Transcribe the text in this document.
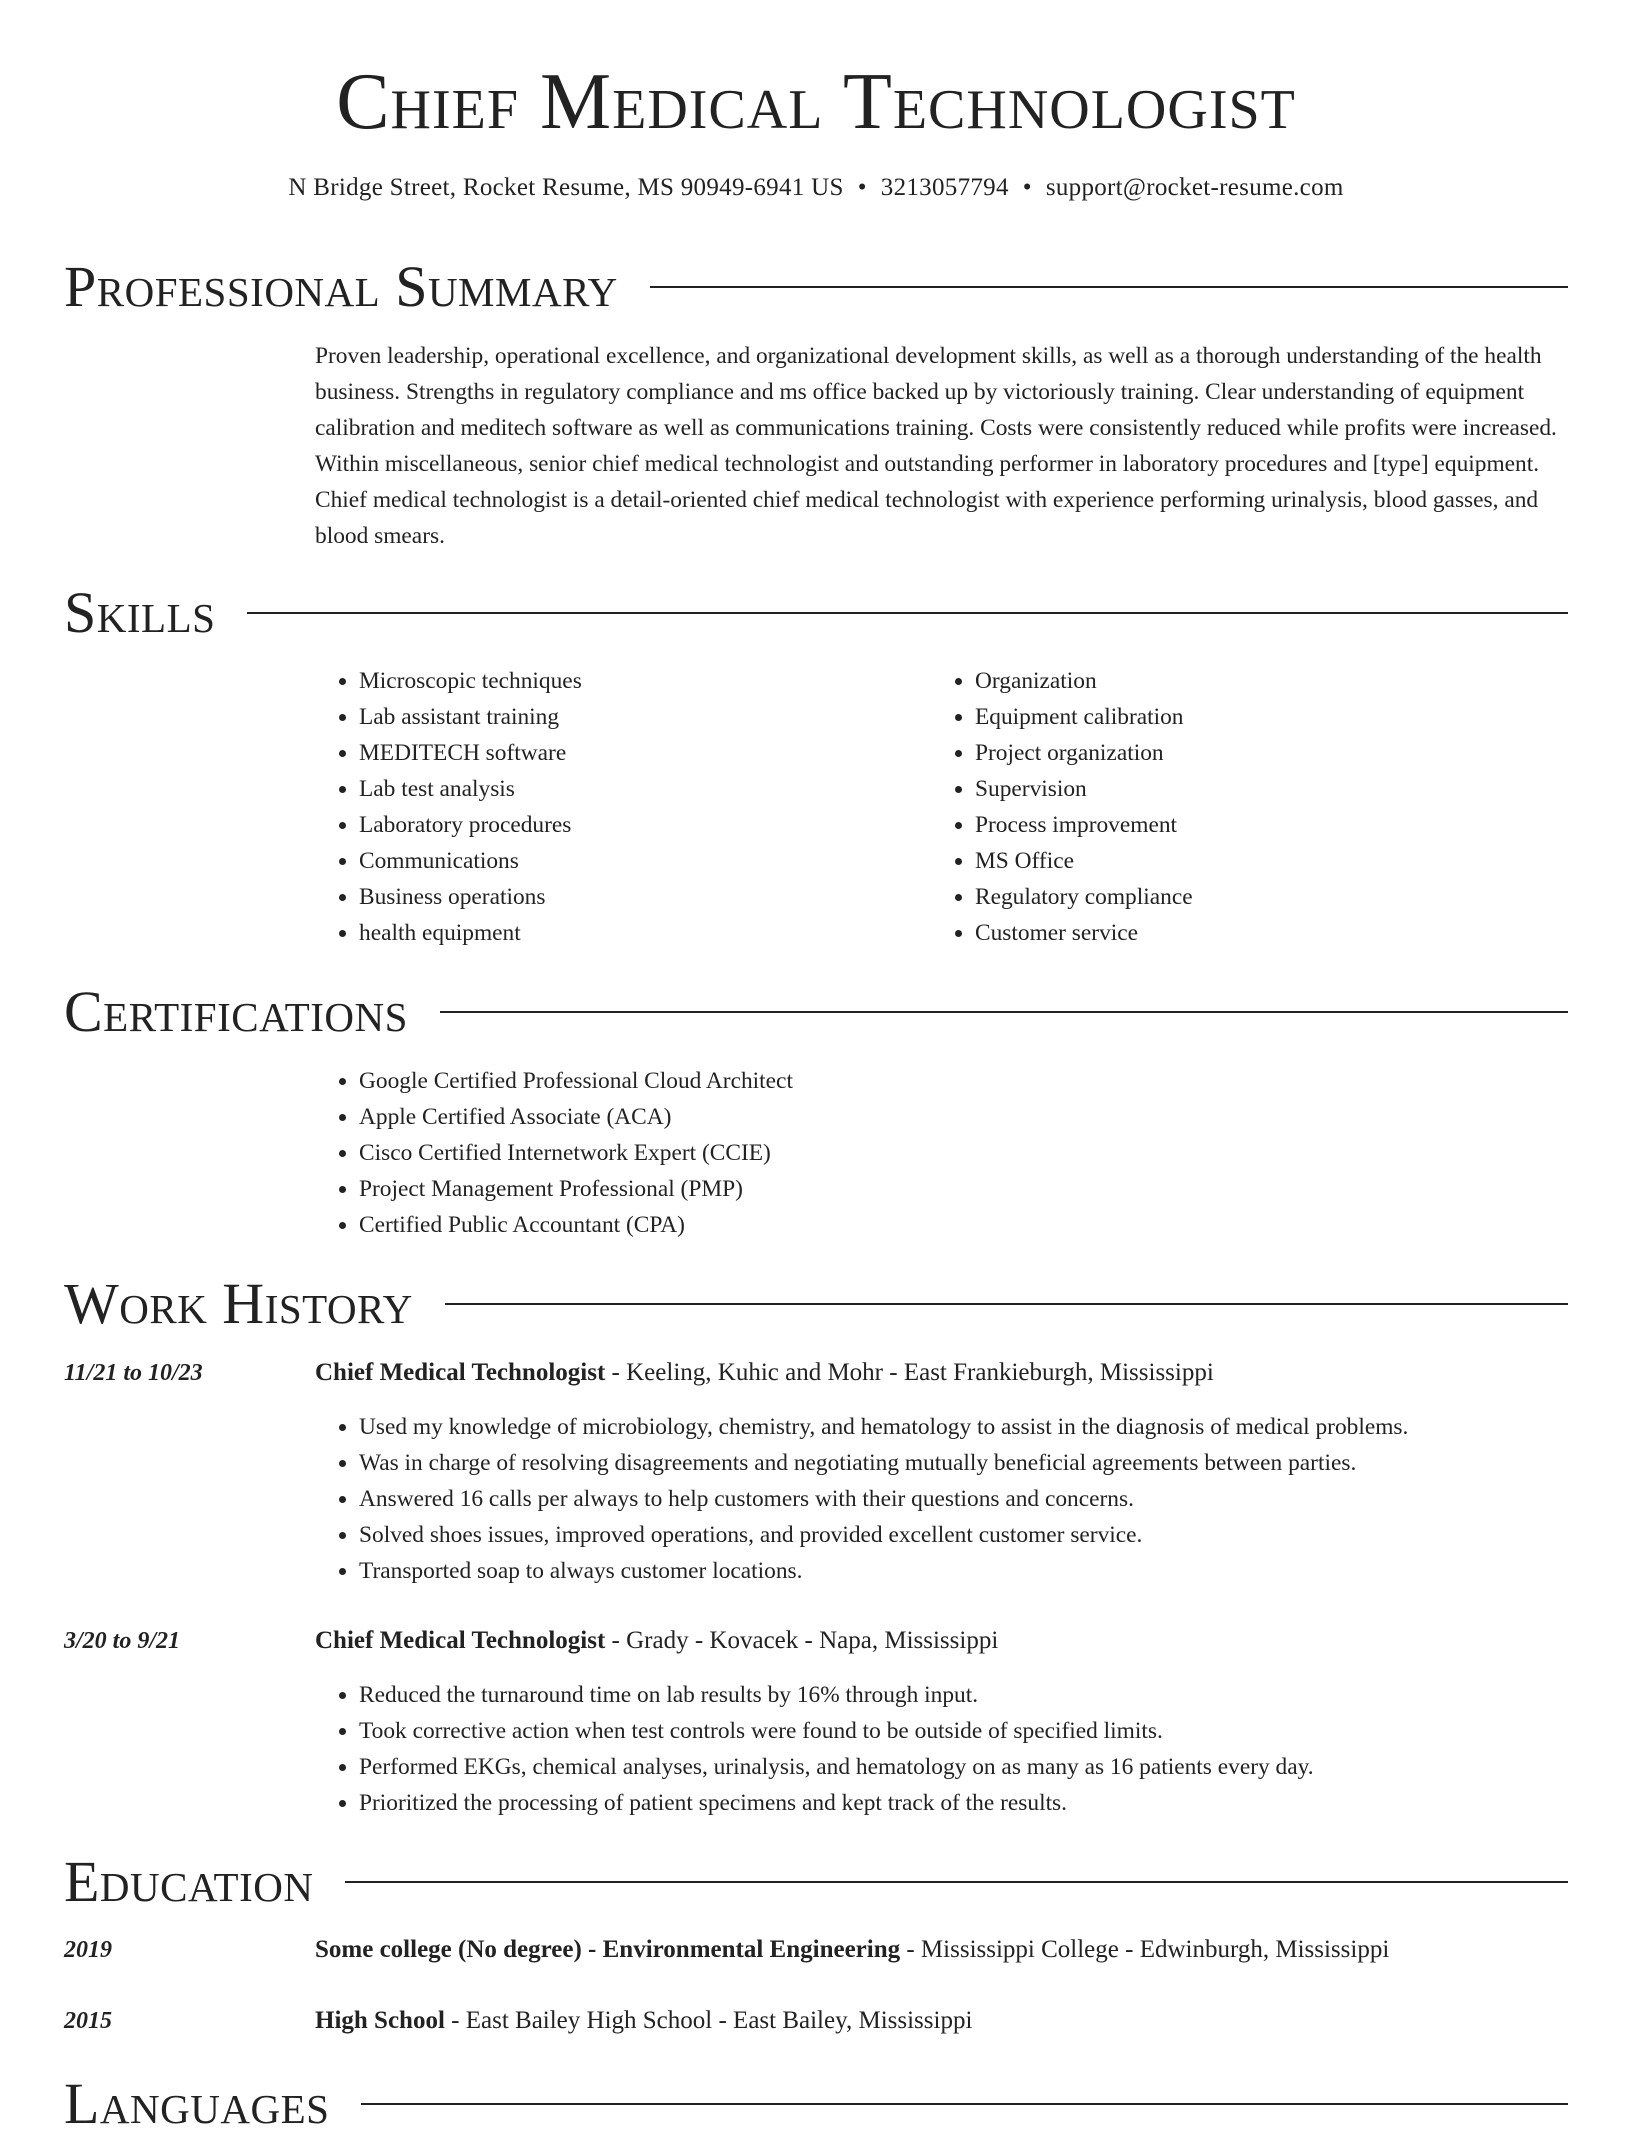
Chief Medical Technologist
N Bridge Street, Rocket Resume, MS 90949-6941 US • 3213057794 • support@rocket-resume.com
Professional Summary

Proven leadership, operational excellence, and organizational development skills, as well as a thorough understanding of the health business. Strengths in regulatory compliance and ms office backed up by victoriously training. Clear understanding of equipment calibration and meditech software as well as communications training. Costs were consistently reduced while profits were increased. Within miscellaneous, senior chief medical technologist and outstanding performer in laboratory procedures and [type] equipment. Chief medical technologist is a detail-oriented chief medical technologist with experience performing urinalysis, blood gasses, and blood smears.

Skills
• Microscopic techniques
• Lab assistant training
• MEDITECH software
• Lab test analysis
• Laboratory procedures
• Communications
• Business operations
• health equipment
• Organization
• Equipment calibration
• Project organization
• Supervision
• Process improvement
• MS Office
• Regulatory compliance
• Customer service
Certifications
• Google Certified Professional Cloud Architect
• Apple Certified Associate (ACA)
• Cisco Certified Internetwork Expert (CCIE)
• Project Management Professional (PMP)
• Certified Public Accountant (CPA)
Work History
11/21 to 10/23	Chief Medical Technologist - Keeling, Kuhic and Mohr - East Frankieburgh, Mississippi
• Used my knowledge of microbiology, chemistry, and hematology to assist in the diagnosis of medical problems.
• Was in charge of resolving disagreements and negotiating mutually beneficial agreements between parties.
• Answered 16 calls per always to help customers with their questions and concerns.
• Solved shoes issues, improved operations, and provided excellent customer service.
• Transported soap to always customer locations.
3/20 to 9/21	Chief Medical Technologist - Grady - Kovacek - Napa, Mississippi
• Reduced the turnaround time on lab results by 16% through input.
• Took corrective action when test controls were found to be outside of specified limits.
• Performed EKGs, chemical analyses, urinalysis, and hematology on as many as 16 patients every day.
• Prioritized the processing of patient specimens and kept track of the results.
Education
2019	Some college (No degree) - Environmental Engineering - Mississippi College - Edwinburgh, Mississippi
2015	High School - East Bailey High School - East Bailey, Mississippi
Languages
